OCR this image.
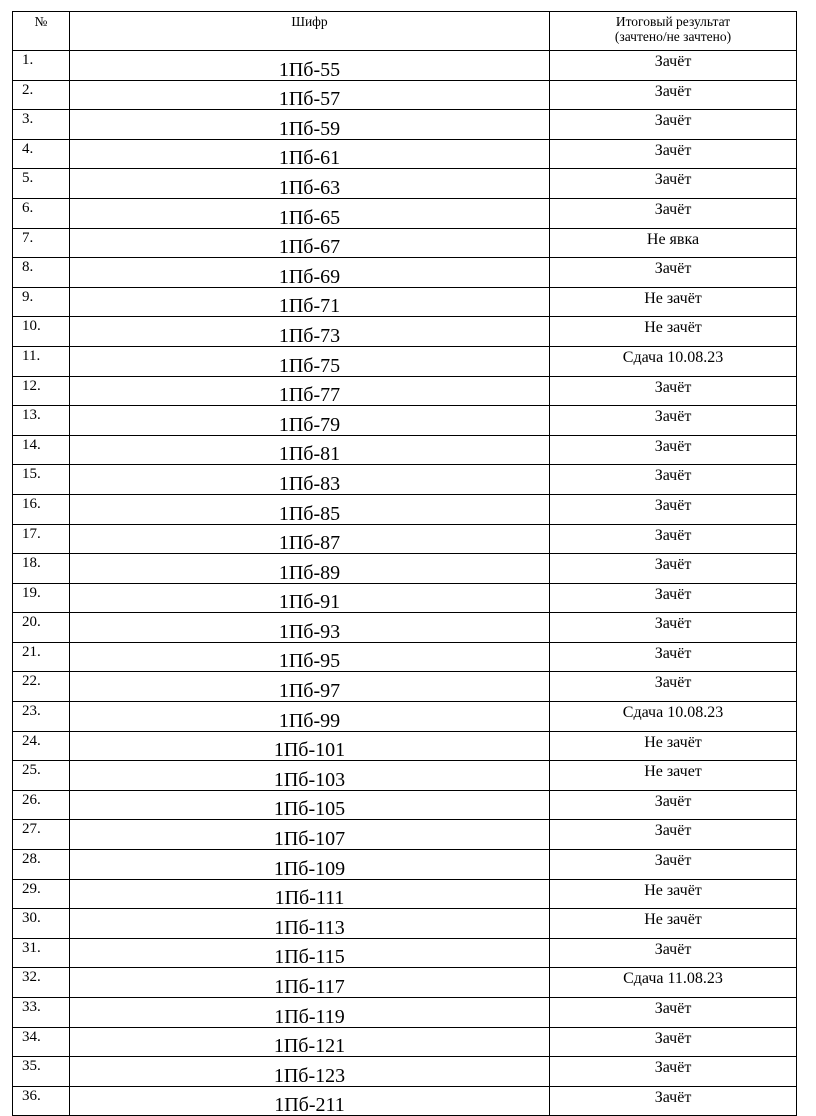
№	Шифр	Итоговый результат
(зачтено/не зачтено)

1.	1Пб-55	Зачёт
2.	1Пб-57	Зачёт
3.	1Пб-59	Зачёт
4.	1Пб-61	Зачёт
5.	1Пб-63	Зачёт
6.	1Пб-65	Зачёт
7.	1Пб-67	Не явка
8.	1Пб-69	Зачёт
9.	1Пб-71	Не зачёт
10.	1Пб-73	Не зачёт
11.	1Пб-75	Сдача 10.08.23
12.	1Пб-77	Зачёт
13.	1Пб-79	Зачёт
14.	1Пб-81	Зачёт
15.	1Пб-83	Зачёт
16.	1Пб-85	Зачёт
17.	1Пб-87	Зачёт
18.	1Пб-89	Зачёт
19.	1Пб-91	Зачёт
20.	1Пб-93	Зачёт
21.	1Пб-95	Зачёт
22.	1Пб-97	Зачёт
23.	1Пб-99	Сдача 10.08.23
24.	1Пб-101	Не зачёт
25.	1Пб-103	Не зачет
26.	1Пб-105	Зачёт
27.	1Пб-107	Зачёт
28.	1Пб-109	Зачёт
29.	1Пб-111	Не зачёт
30.	1Пб-113	Не зачёт
31.	1Пб-115	Зачёт
32.	1Пб-117	Сдача 11.08.23
33.	1Пб-119	Зачёт
34.	1Пб-121	Зачёт
35.	1Пб-123	Зачёт
36.	1Пб-211	Зачёт
